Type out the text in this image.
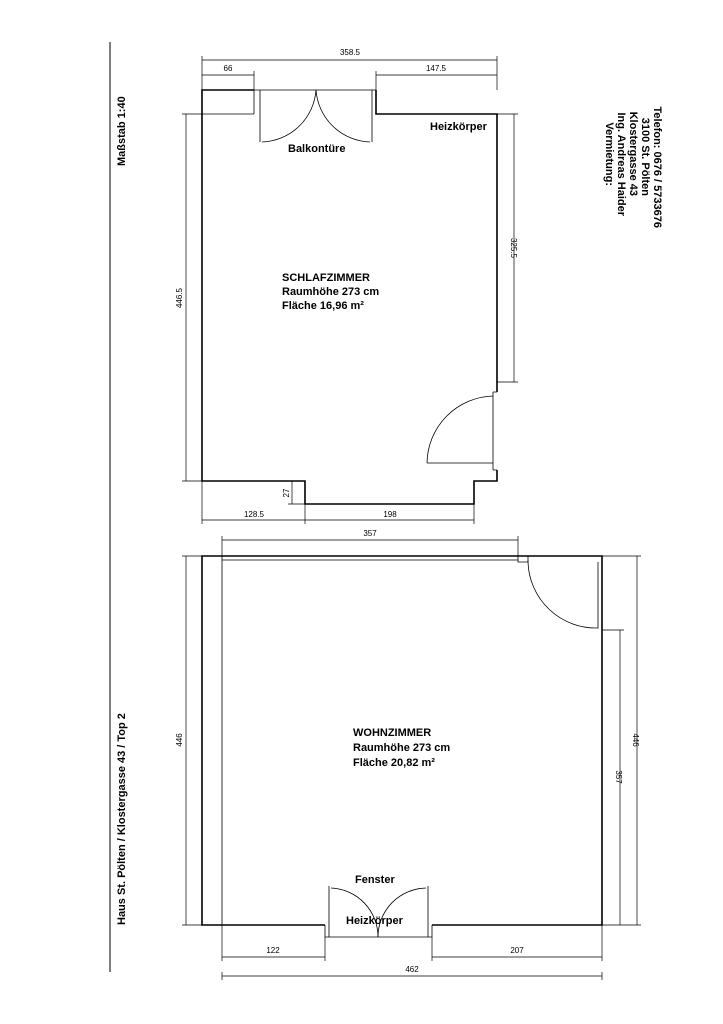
Maßstab 1:40
Haus St. Pölten / Klostergasse 43 / Top 2
Vermietung: Ing. Andreas Haider Klostergasse 43 3100 St. Pölten Telefon: 0676 / 5733676
358.5
66	147.5
446.5
325.5
128.5	198
27
Balkontüre
Heizkörper
SCHLAFZIMMER
Raumhöhe 273 cm
Fläche 16,96 m²
357
446	446
357
122	207
462
Fenster
Heizkörper
WOHNZIMMER
Raumhöhe 273 cm
Fläche 20,82 m²
